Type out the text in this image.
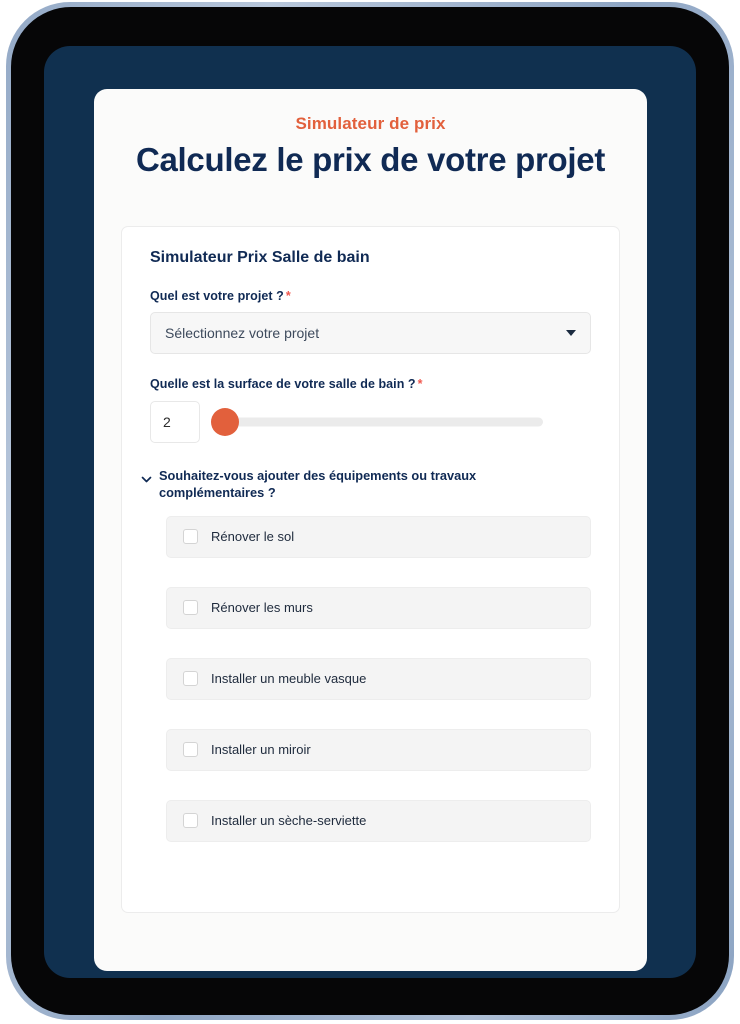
Simulateur de prix
Calculez le prix de votre projet
Simulateur Prix Salle de bain
Quel est votre projet ? *
Sélectionnez votre projet
Quelle est la surface de votre salle de bain ? *
2
Souhaitez-vous ajouter des équipements ou travaux complémentaires ?
Rénover le sol
Rénover les murs
Installer un meuble vasque
Installer un miroir
Installer un sèche-serviette
